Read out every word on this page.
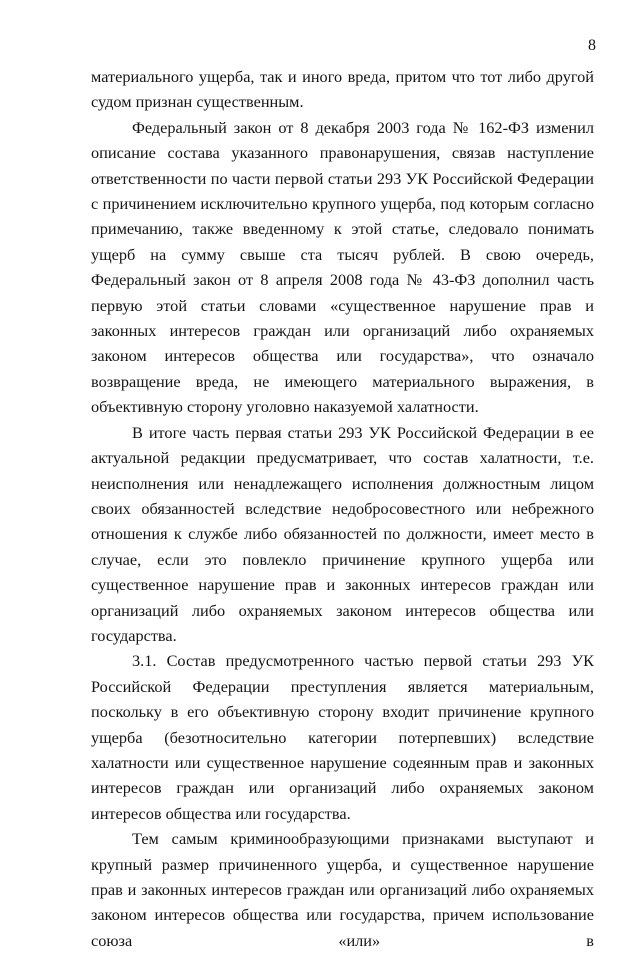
8

материального ущерба, так и иного вреда, притом что тот либо другой судом признан существенным.

Федеральный закон от 8 декабря 2003 года № 162-ФЗ изменил описание состава указанного правонарушения, связав наступление ответственности по части первой статьи 293 УК Российской Федерации с причинением исключительно крупного ущерба, под которым согласно примечанию, также введенному к этой статье, следовало понимать ущерб на сумму свыше ста тысяч рублей. В свою очередь, Федеральный закон от 8 апреля 2008 года № 43-ФЗ дополнил часть первую этой статьи словами «существенное нарушение прав и законных интересов граждан или организаций либо охраняемых законом интересов общества или государства», что означало возвращение вреда, не имеющего материального выражения, в объективную сторону уголовно наказуемой халатности.

В итоге часть первая статьи 293 УК Российской Федерации в ее актуальной редакции предусматривает, что состав халатности, т.е. неисполнения или ненадлежащего исполнения должностным лицом своих обязанностей вследствие недобросовестного или небрежного отношения к службе либо обязанностей по должности, имеет место в случае, если это повлекло причинение крупного ущерба или существенное нарушение прав и законных интересов граждан или организаций либо охраняемых законом интересов общества или государства.

3.1. Состав предусмотренного частью первой статьи 293 УК Российской Федерации преступления является материальным, поскольку в его объективную сторону входит причинение крупного ущерба (безотносительно категории потерпевших) вследствие халатности или существенное нарушение содеянным прав и законных интересов граждан или организаций либо охраняемых законом интересов общества или государства.

Тем самым криминообразующими признаками выступают и крупный размер причиненного ущерба, и существенное нарушение прав и законных интересов граждан или организаций либо охраняемых законом интересов общества или государства, причем использование союза «или» в
